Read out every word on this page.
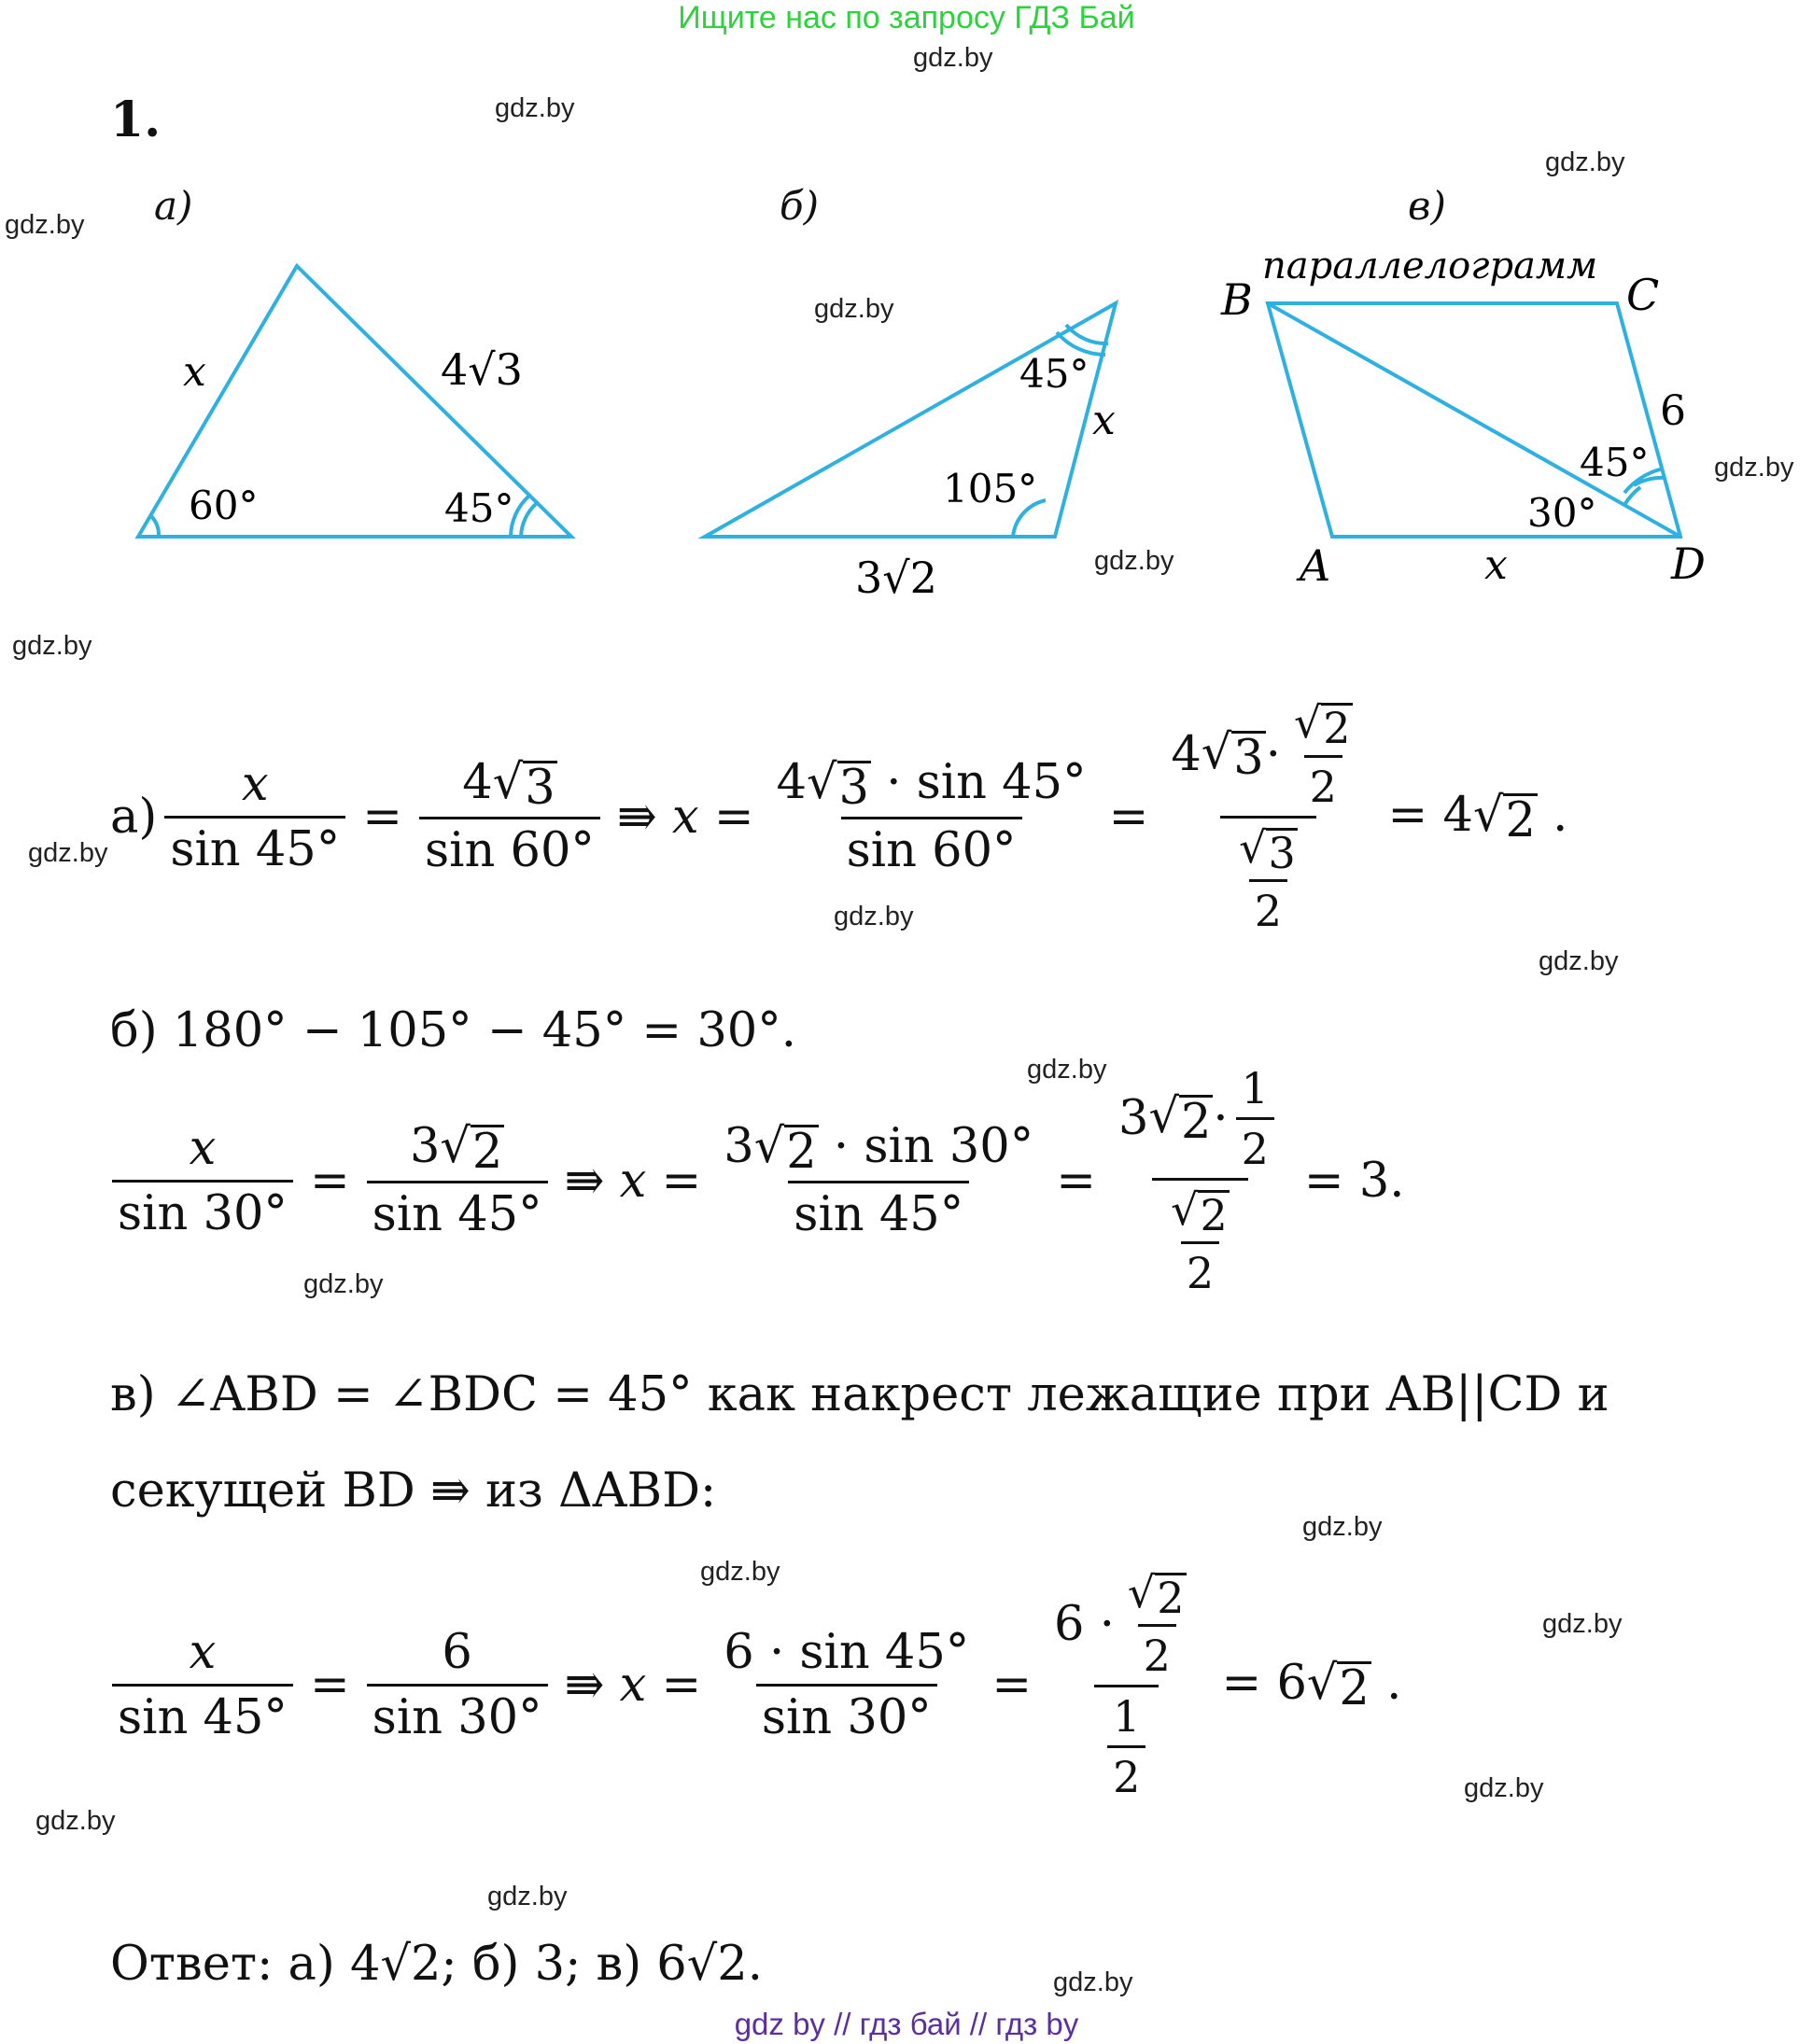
Ищите нас по запросу ГДЗ Бай
gdz.by
gdz.by
gdz.by
gdz.by
gdz.by
gdz.by
gdz.by
gdz.by
gdz.by
gdz.by
gdz.by
gdz.by
gdz.by
gdz.by
gdz.by
gdz.by
gdz.by
gdz.by
gdz.by
gdz.by
1.
а)	б)	в)
x	4√3
60°	45°
45°
x
105°
3√2
параллелограмм
B	C
A	D
6
45°
30°
x
$а) \frac{x}{\sin 45^\circ} = \frac{4 √ 3}{\sin 60^\circ}$ ⇛ $x = \frac{4 √ 3 \cdot \sin 45^\circ}{\sin 60^\circ} = \frac{4 √ 3 \cdot \frac{√ 2}{2}}{\frac{√ 3}{2}} = 4$ √ 2 .
б) 180° − 105° − 45° = 30°.
$\frac{x}{\sin 30^\circ} = \frac{3 √ 2}{\sin 45^\circ}$ ⇛ $x = \frac{3 √ 2 \cdot \sin 30^\circ}{\sin 45^\circ} = \frac{3 √ 2 \cdot \frac{1}{2}}{\frac{√ 2}{2}} = 3$.
в) ∠ABD = ∠BDC = 45° как накрест лежащие при AB||CD и
секущей BD ⇛ из ΔABD:
$\frac{x}{\sin 45^\circ} = \frac{6}{\sin 30^\circ}$ ⇛ $x = \frac{6 \cdot \sin 45^\circ}{\sin 30^\circ} = \frac{6 \cdot \frac{√ 2}{2}}{\frac{1}{2}} = 6$ √ 2 .
Ответ: а) 4√2; б) 3; в) 6√2.
gdz by // гдз бай // гдз by
